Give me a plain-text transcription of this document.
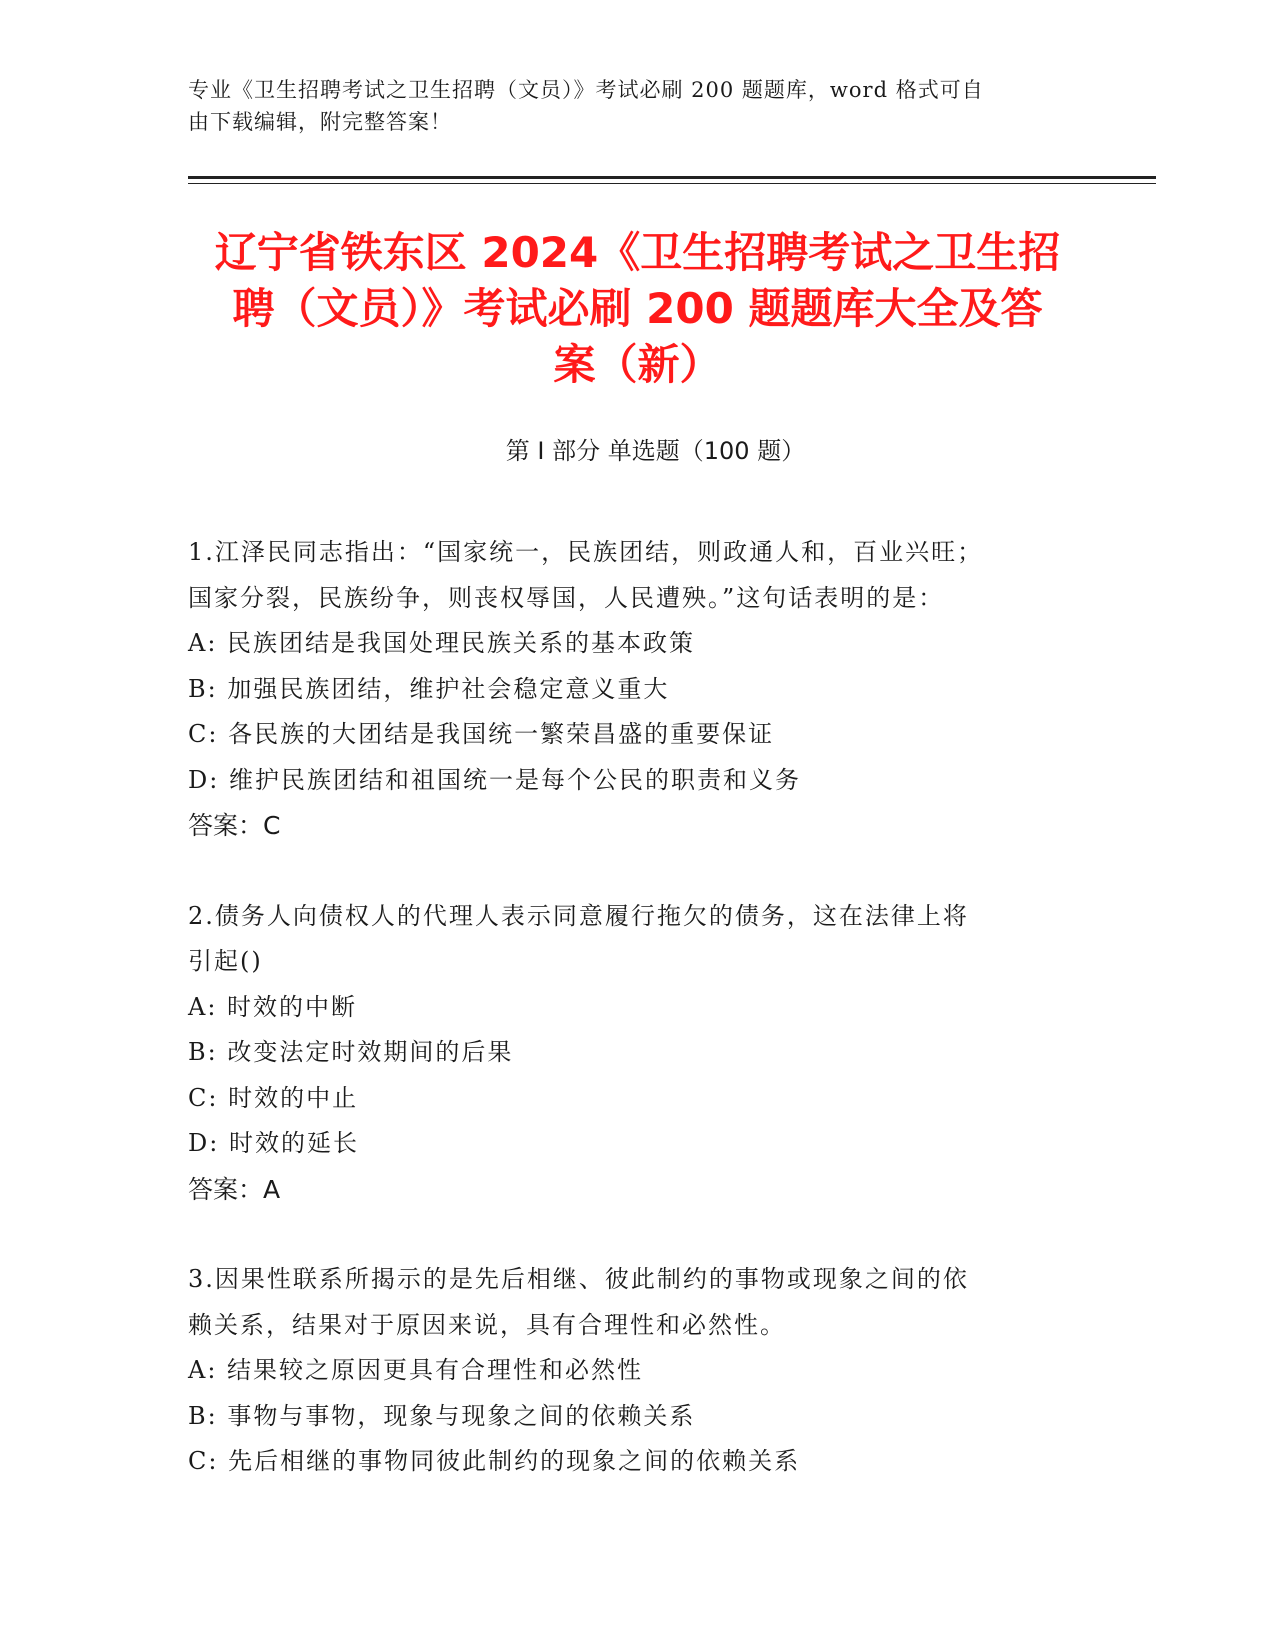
专业《卫生招聘考试之卫生招聘（文员）》考试必刷 200 题题库，word 格式可自
由下载编辑，附完整答案！
辽宁省铁东区 2024《卫生招聘考试之卫生招
聘（文员）》考试必刷 200 题题库大全及答
案（新）
第 I 部分 单选题（100 题）
1.江泽民同志指出：“国家统一，民族团结，则政通人和，百业兴旺；
国家分裂，民族纷争，则丧权辱国，人民遭殃。”这句话表明的是：
A: 民族团结是我国处理民族关系的基本政策
B: 加强民族团结，维护社会稳定意义重大
C: 各民族的大团结是我国统一繁荣昌盛的重要保证
D: 维护民族团结和祖国统一是每个公民的职责和义务
答案：C
2.债务人向债权人的代理人表示同意履行拖欠的债务，这在法律上将
引起()
A: 时效的中断
B: 改变法定时效期间的后果
C: 时效的中止
D: 时效的延长
答案：A
3.因果性联系所揭示的是先后相继、彼此制约的事物或现象之间的依
赖关系，结果对于原因来说，具有合理性和必然性。
A: 结果较之原因更具有合理性和必然性
B: 事物与事物，现象与现象之间的依赖关系
C: 先后相继的事物同彼此制约的现象之间的依赖关系
